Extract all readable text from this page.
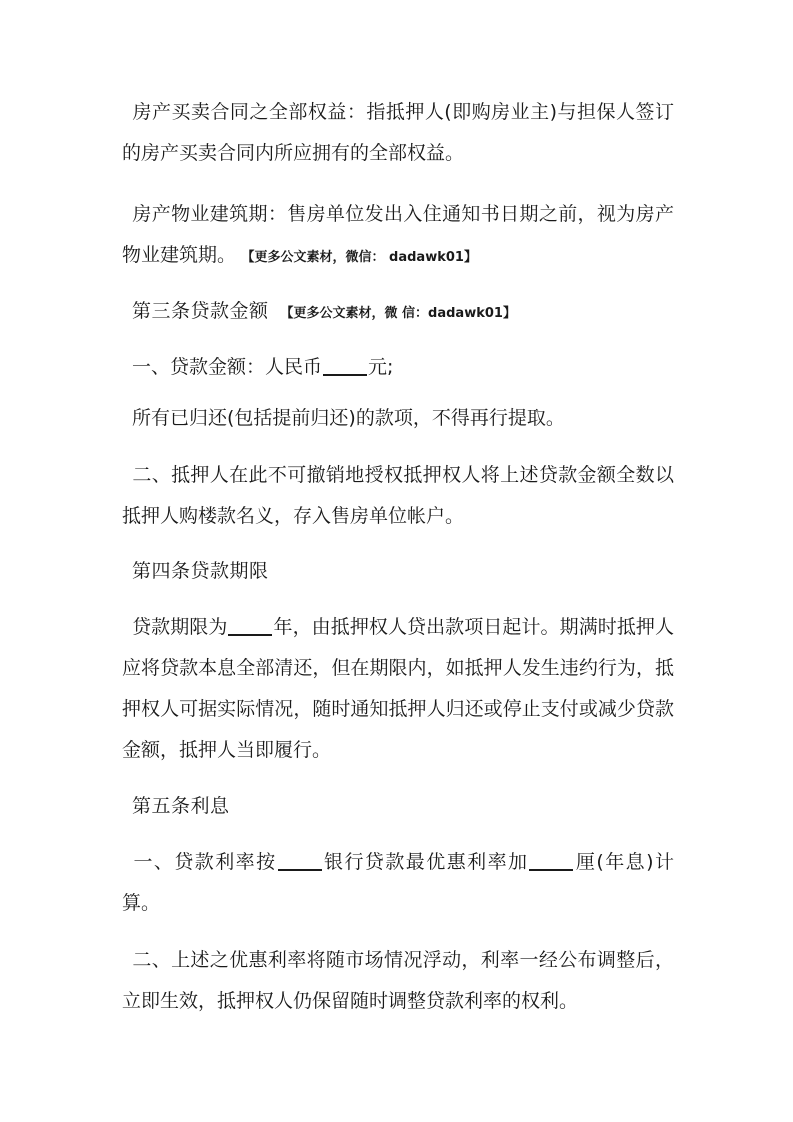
房产买卖合同之全部权益：指抵押人(即购房业主)与担保人签订的房产买卖合同内所应拥有的全部权益。
房产物业建筑期：售房单位发出入住通知书日期之前，视为房产物业建筑期。 【更多公文素材，微信： dadawk01】
第三条贷款金额 【更多公文素材，微 信：dadawk01】
一、贷款金额：人民币 元;
所有已归还(包括提前归还)的款项，不得再行提取。
二、抵押人在此不可撤销地授权抵押权人将上述贷款金额全数以抵押人购楼款名义，存入售房单位帐户。
第四条贷款期限
贷款期限为 年，由抵押权人贷出款项日起计。期满时抵押人应将贷款本息全部清还，但在期限内，如抵押人发生违约行为，抵押权人可据实际情况，随时通知抵押人归还或停止支付或减少贷款金额，抵押人当即履行。
第五条利息
一、贷款利率按 银行贷款最优惠利率加 厘(年息)计算。
二、上述之优惠利率将随市场情况浮动，利率一经公布调整后，立即生效，抵押权人仍保留随时调整贷款利率的权利。
